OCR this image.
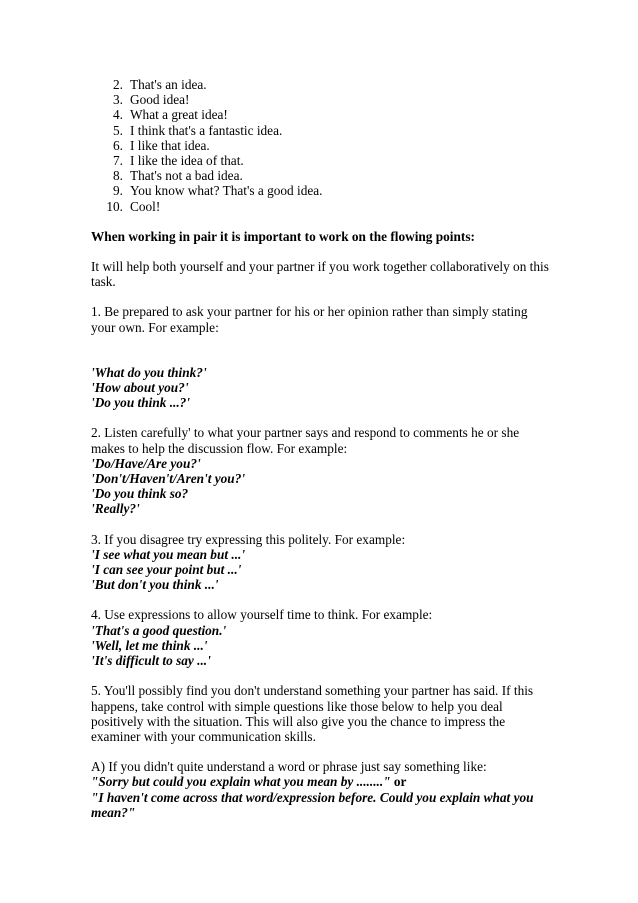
2. That's an idea.
3. Good idea!
4. What a great idea!
5. I think that's a fantastic idea.
6. I like that idea.
7. I like the idea of that.
8. That's not a bad idea.
9. You know what? That's a good idea.
10. Cool!

When working in pair it is important to work on the flowing points:

It will help both yourself and your partner if you work together collaboratively on this task.

1. Be prepared to ask your partner for his or her opinion rather than simply stating your own. For example:

'What do you think?'
'How about you?'
'Do you think ...?'

2. Listen carefully' to what your partner says and respond to comments he or she makes to help the discussion flow. For example:

'Do/Have/Are you?'
'Don't/Haven't/Aren't you?'
'Do you think so?
'Really?'

3. If you disagree try expressing this politely. For example:

'I see what you mean but ...'
'I can see your point but ...'
'But don't you think ...'

4. Use expressions to allow yourself time to think. For example:

'That's a good question.'
'Well, let me think ...'
'It's difficult to say ...'

5. You'll possibly find you don't understand something your partner has said. If this happens, take control with simple questions like those below to help you deal positively with the situation. This will also give you the chance to impress the examiner with your communication skills.

A) If you didn't quite understand a word or phrase just say something like:

"Sorry but could you explain what you mean by ........" or

"I haven't come across that word/expression before. Could you explain what you mean?"
